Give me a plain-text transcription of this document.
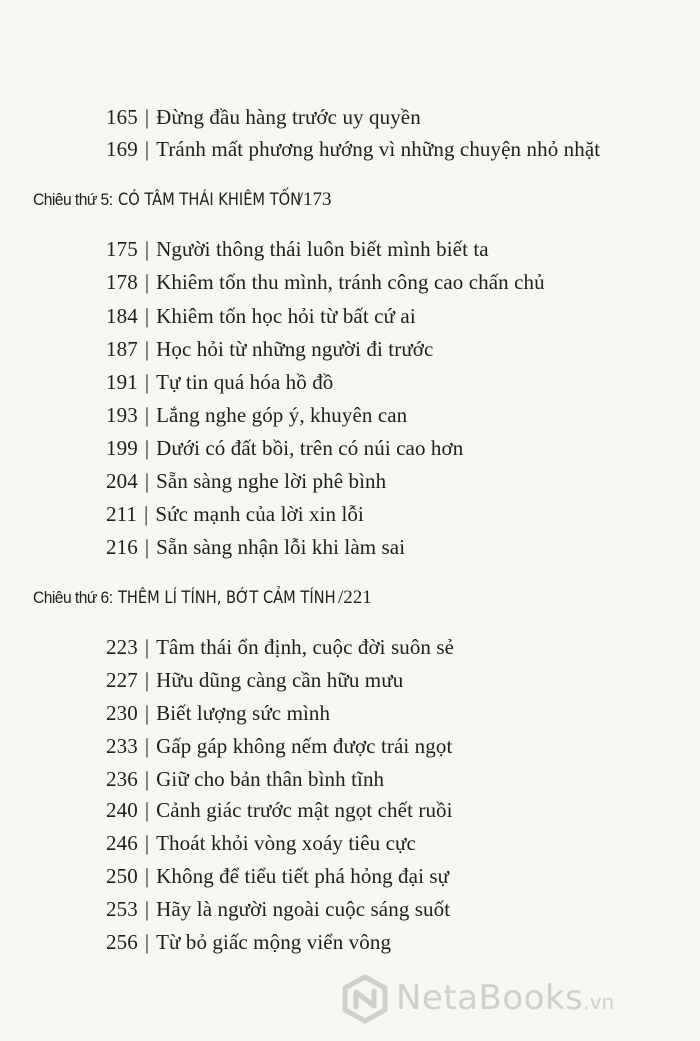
165 | Đừng đầu hàng trước uy quyền
169 | Tránh mất phương hướng vì những chuyện nhỏ nhặt
Chiêu thứ 5: CÓ TÂM THÁI KHIÊM TỐN /173
175 | Người thông thái luôn biết mình biết ta
178 | Khiêm tốn thu mình, tránh công cao chấn chủ
184 | Khiêm tốn học hỏi từ bất cứ ai
187 | Học hỏi từ những người đi trước
191 | Tự tin quá hóa hồ đồ
193 | Lắng nghe góp ý, khuyên can
199 | Dưới có đất bồi, trên có núi cao hơn
204 | Sẵn sàng nghe lời phê bình
211 | Sức mạnh của lời xin lỗi
216 | Sẵn sàng nhận lỗi khi làm sai
Chiêu thứ 6: THÊM LÍ TÍNH, BỚT CẢM TÍNH /221
223 | Tâm thái ổn định, cuộc đời suôn sẻ
227 | Hữu dũng càng cần hữu mưu
230 | Biết lượng sức mình
233 | Gấp gáp không nếm được trái ngọt
236 | Giữ cho bản thân bình tĩnh
240 | Cảnh giác trước mật ngọt chết ruồi
246 | Thoát khỏi vòng xoáy tiêu cực
250 | Không để tiểu tiết phá hỏng đại sự
253 | Hãy là người ngoài cuộc sáng suốt
256 | Từ bỏ giấc mộng viển vông
NetaBooks.vn
